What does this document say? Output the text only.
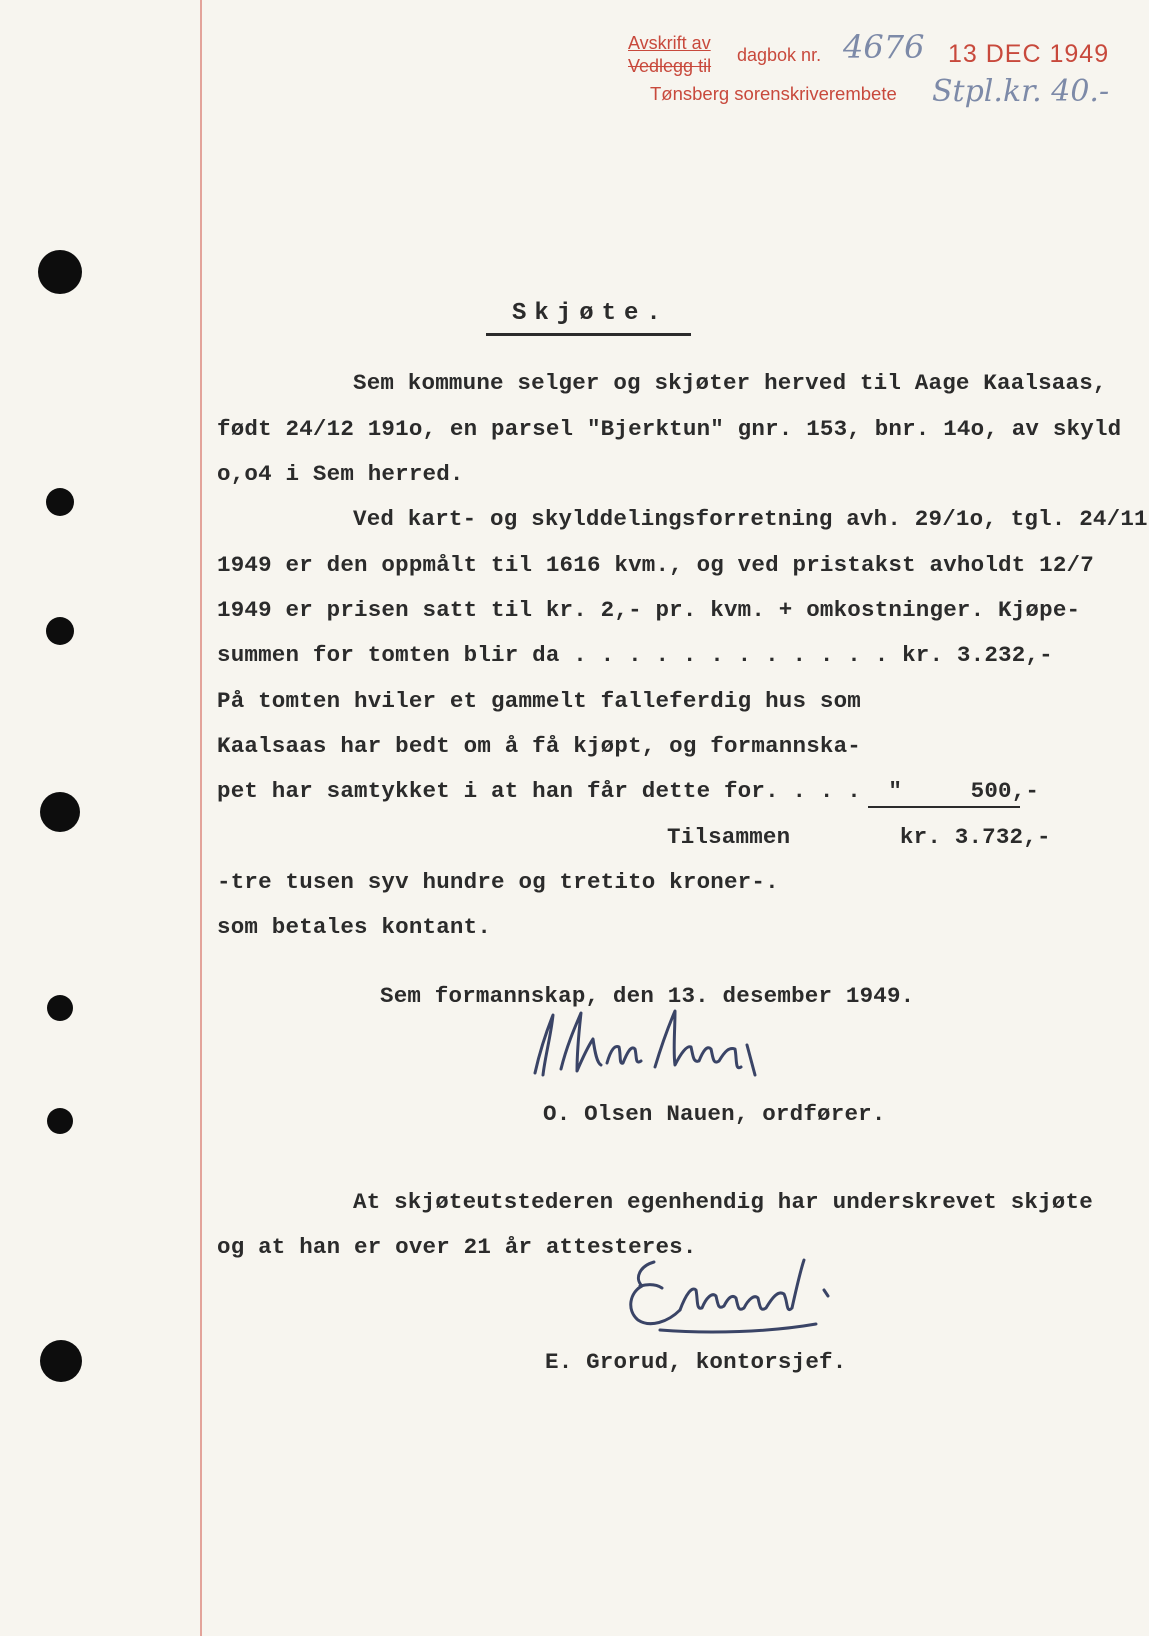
Avskrift av
Vedlegg til
dagbok nr. 4676 13 DEC 1949
Tønsberg sorenskriverembete Stpl.kr. 40.-
Skjøte.
Sem kommune selger og skjøter herved til Aage Kaalsaas,
født 24/12 191o, en parsel "Bjerktun" gnr. 153, bnr. 14o, av skyld
o,o4 i Sem herred.
Ved kart- og skylddelingsforretning avh. 29/1o, tgl. 24/11
1949 er den oppmålt til 1616 kvm., og ved pristakst avholdt 12/7
1949 er prisen satt til kr. 2,- pr. kvm. + omkostninger. Kjøpe-
summen for tomten blir da . . . . . . . . . . . . kr. 3.232,-
På tomten hviler et gammelt falleferdig hus som
Kaalsaas har bedt om å få kjøpt, og formannska-
pet har samtykket i at han får dette for. . . .  "     500,-
Tilsammen        kr. 3.732,-
-tre tusen syv hundre og tretito kroner-.
som betales kontant.
Sem formannskap, den 13. desember 1949.
O. Olsen Nauen, ordfører.
At skjøteutstederen egenhendig har underskrevet skjøte
og at han er over 21 år attesteres.
E. Grorud, kontorsjef.
